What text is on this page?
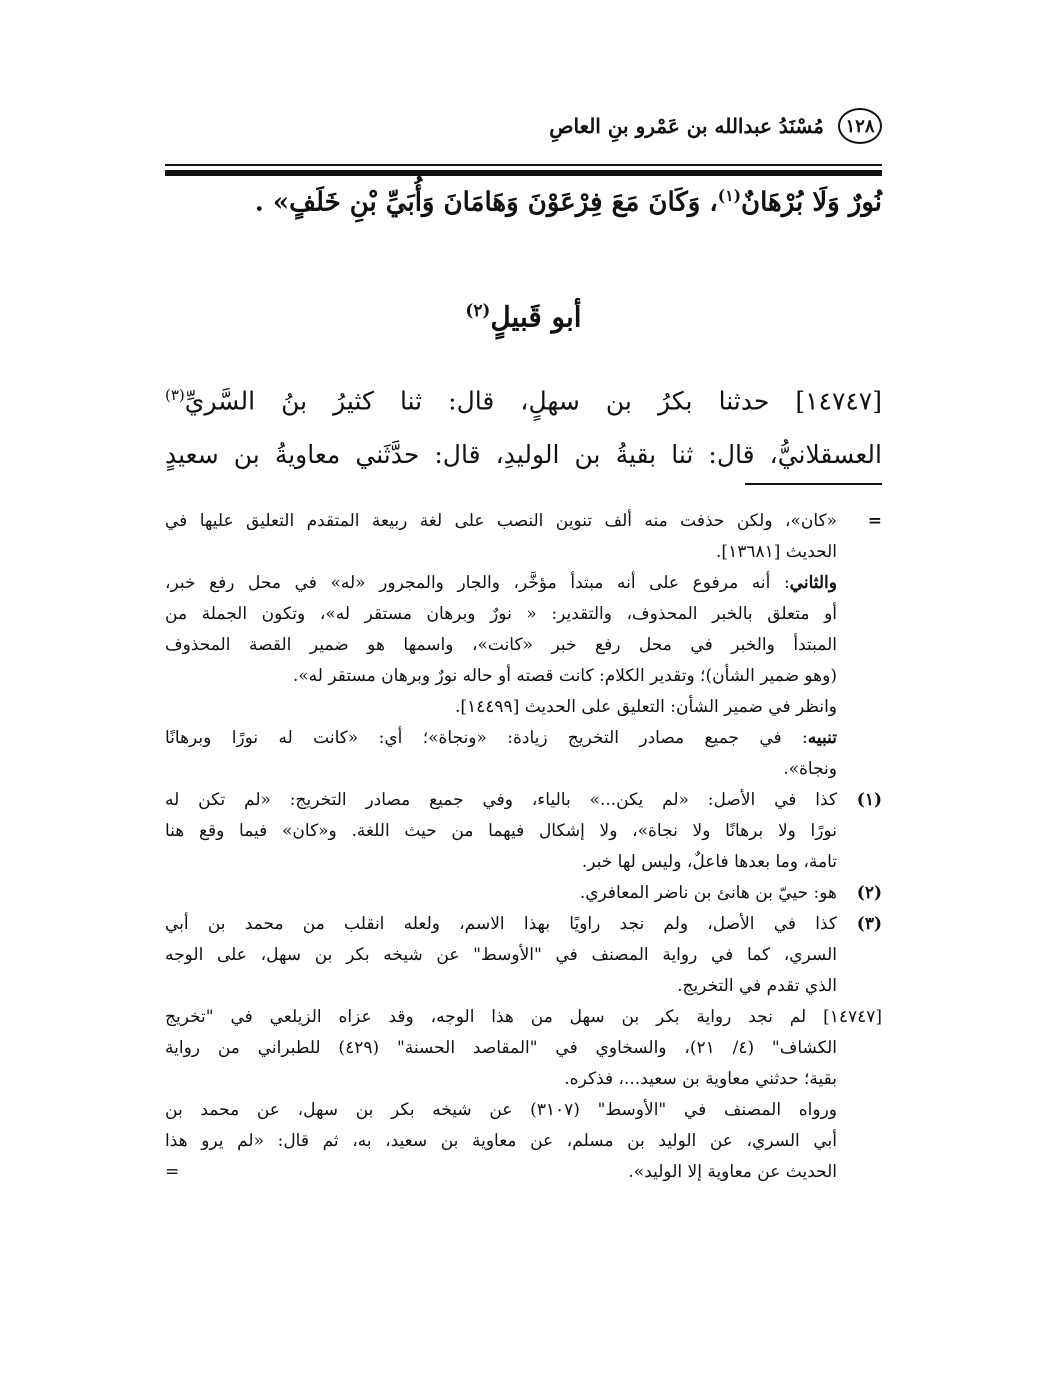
١٢٨
مُسْنَدُ عبدالله بن عَمْرو بنِ العاصِ
نُورٌ وَلَا بُرْهَانٌ$^{(١)}$، وَكَانَ مَعَ فِرْعَوْنَ وَهَامَانَ وَأُبَيِّ بْنِ خَلَفٍ» .
أبو قَبيلٍ$^{(٢)}$
[١٤٧٤٧] حدثنا بكرُ بن سهلٍ، قال: ثنا كثيرُ بنُ السَّريِّ$^{(٣)}$
العسقلانيُّ، قال: ثنا بقيةُ بن الوليدِ، قال: حدَّثَني معاويةُ بن سعيدٍ
=«كان»، ولكن حذفت منه ألف تنوين النصب على لغة ربيعة المتقدم التعليق عليها في
الحديث [١٣٦٨١].
والثاني: أنه مرفوع على أنه مبتدأ مؤخَّر، والجار والمجرور «له» في محل رفع خبر،
أو متعلق بالخبر المحذوف، والتقدير: « نورٌ وبرهان مستقر له»، وتكون الجملة من
المبتدأ والخبر في محل رفع خبر «كانت»، واسمها هو ضمير القصة المحذوف
(وهو ضمير الشأن)؛ وتقدير الكلام: كانت قصته أو حاله نورٌ وبرهان مستقر له».
وانظر في ضمير الشأن: التعليق على الحديث [١٤٤٩٩].
تنبيه: في جميع مصادر التخريج زيادة: «ونجاة»؛ أي: «كانت له نورًا وبرهانًا
ونجاة».
(١)كذا في الأصل: «لم يكن...» بالياء، وفي جميع مصادر التخريج: «لم تكن له
نورًا ولا برهانًا ولا نجاة»، ولا إشكال فيهما من حيث اللغة. و«كان» فيما وقع هنا
تامة، وما بعدها فاعلٌ، وليس لها خبر.
(٢)هو: حييّ بن هانئ بن ناضر المعافري.
(٣)كذا في الأصل، ولم نجد راويًا بهذا الاسم، ولعله انقلب من محمد بن أبي
السري، كما في رواية المصنف في "الأوسط" عن شيخه بكر بن سهل، على الوجه
الذي تقدم في التخريج.
[١٤٧٤٧] لم نجد رواية بكر بن سهل من هذا الوجه، وقد عزاه الزيلعي في "تخريج
الكشاف" (٤/ ٢١)، والسخاوي في "المقاصد الحسنة" (٤٢٩) للطبراني من رواية
بقية؛ حدثني معاوية بن سعيد...، فذكره.
ورواه المصنف في "الأوسط" (٣١٠٧) عن شيخه بكر بن سهل، عن محمد بن
أبي السري، عن الوليد بن مسلم، عن معاوية بن سعيد، به، ثم قال: «لم يرو هذا
الحديث عن معاوية إلا الوليد».
=
